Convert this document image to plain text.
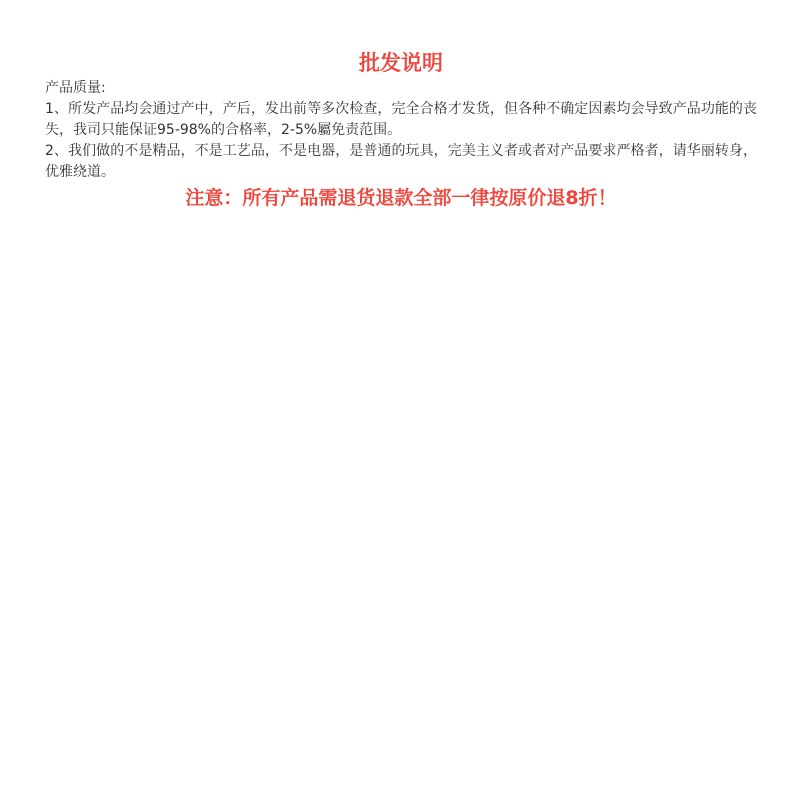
批发说明

产品质量:

1、所发产品均会通过产中，产后，发出前等多次检查，完全合格才发货，但各种不确定因素均会导致产品功能的丧失，我司只能保证95-98%的合格率，2-5%屬免责范围。

2、我们做的不是精品，不是工艺品，不是电器，是普通的玩具，完美主义者或者对产品要求严格者，请华丽转身，优雅绕道。

注意：所有产品需退货退款全部一律按原价退8折！
